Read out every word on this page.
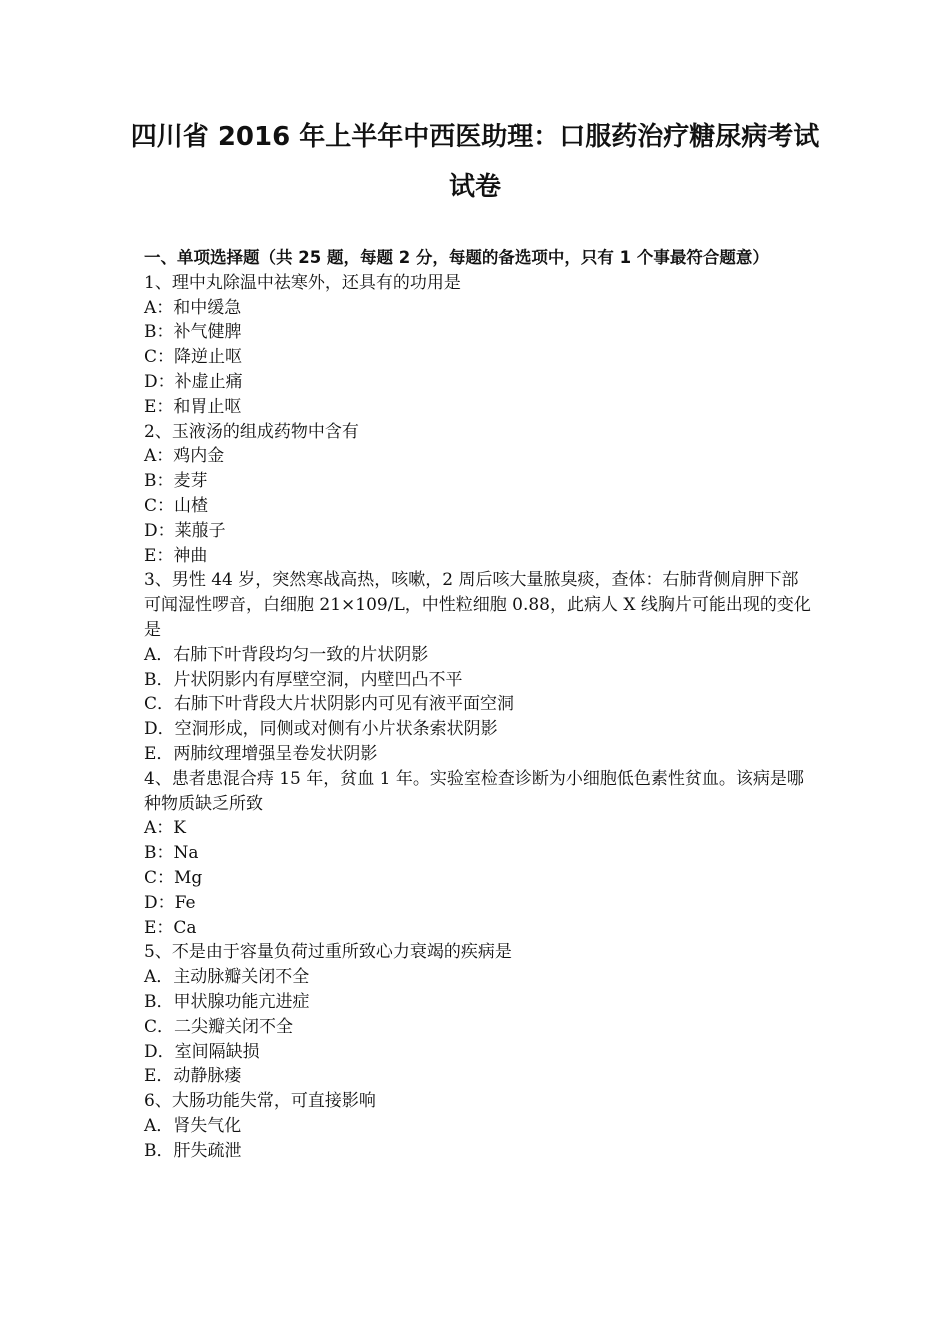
四川省 2016 年上半年中西医助理：口服药治疗糖尿病考试
试卷

一、单项选择题（共 25 题，每题 2 分，每题的备选项中，只有 1 个事最符合题意）

1、理中丸除温中祛寒外，还具有的功用是

A：和中缓急

B：补气健脾

C：降逆止呕

D：补虚止痛

E：和胃止呕

2、玉液汤的组成药物中含有

A：鸡内金

B：麦芽

C：山楂

D：莱菔子

E：神曲

3、男性 44 岁，突然寒战高热，咳嗽，2 周后咳大量脓臭痰，查体：右肺背侧肩胛下部可闻湿性啰音，白细胞 21×109/L，中性粒细胞 0.88，此病人 X 线胸片可能出现的变化是

A．右肺下叶背段均匀一致的片状阴影

B．片状阴影内有厚壁空洞，内壁凹凸不平

C．右肺下叶背段大片状阴影内可见有液平面空洞

D．空洞形成，同侧或对侧有小片状条索状阴影

E．两肺纹理增强呈卷发状阴影

4、患者患混合痔 15 年，贫血 1 年。实验室检查诊断为小细胞低色素性贫血。该病是哪种物质缺乏所致

A：K

B：Na

C：Mg

D：Fe

E：Ca

5、不是由于容量负荷过重所致心力衰竭的疾病是

A．主动脉瓣关闭不全

B．甲状腺功能亢进症

C．二尖瓣关闭不全

D．室间隔缺损

E．动静脉瘘

6、大肠功能失常，可直接影响

A．肾失气化

B．肝失疏泄
